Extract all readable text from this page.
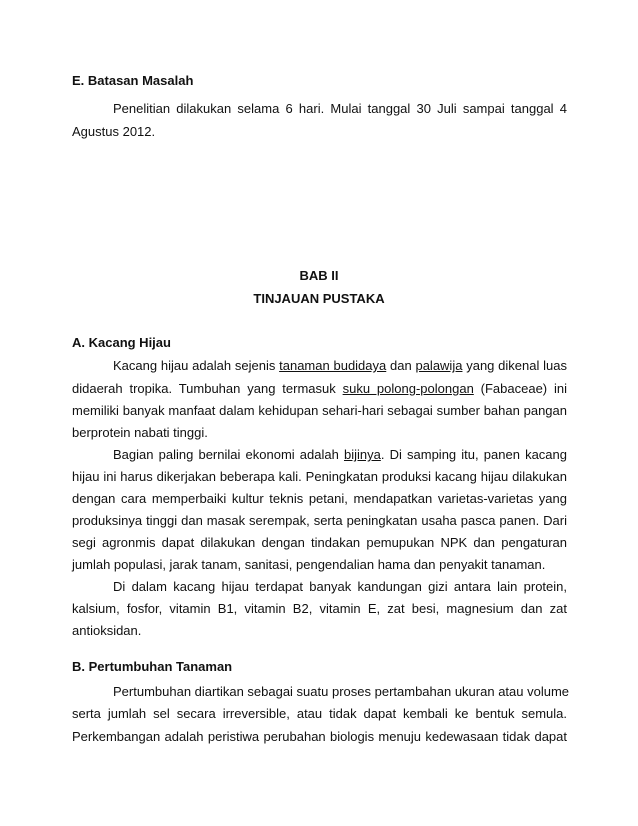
E. Batasan Masalah
Penelitian dilakukan selama 6 hari. Mulai tanggal 30 Juli sampai tanggal 4
Agustus 2012.
BAB II
TINJAUAN PUSTAKA
A. Kacang Hijau
Kacang hijau adalah sejenis tanaman budidaya dan palawija yang dikenal luas
didaerah tropika. Tumbuhan yang termasuk suku polong-polongan (Fabaceae) ini
memiliki banyak manfaat dalam kehidupan sehari-hari sebagai sumber bahan pangan
berprotein nabati tinggi.
Bagian paling bernilai ekonomi adalah bijinya. Di samping itu, panen kacang
hijau ini harus dikerjakan beberapa kali. Peningkatan produksi kacang hijau dilakukan
dengan cara memperbaiki kultur teknis petani, mendapatkan varietas-varietas yang
produksinya tinggi dan masak serempak, serta peningkatan usaha pasca panen. Dari
segi agronmis dapat dilakukan dengan tindakan pemupukan NPK dan pengaturan
jumlah populasi, jarak tanam, sanitasi, pengendalian hama dan penyakit tanaman.
Di dalam kacang hijau terdapat banyak kandungan gizi antara lain protein,
kalsium, fosfor, vitamin B1, vitamin B2, vitamin E, zat besi, magnesium dan zat
antioksidan.
B. Pertumbuhan Tanaman
Pertumbuhan diartikan sebagai suatu proses pertambahan ukuran atau volume
serta jumlah sel secara irreversible, atau tidak dapat kembali ke bentuk semula.
Perkembangan adalah peristiwa perubahan biologis menuju kedewasaan tidak dapat
